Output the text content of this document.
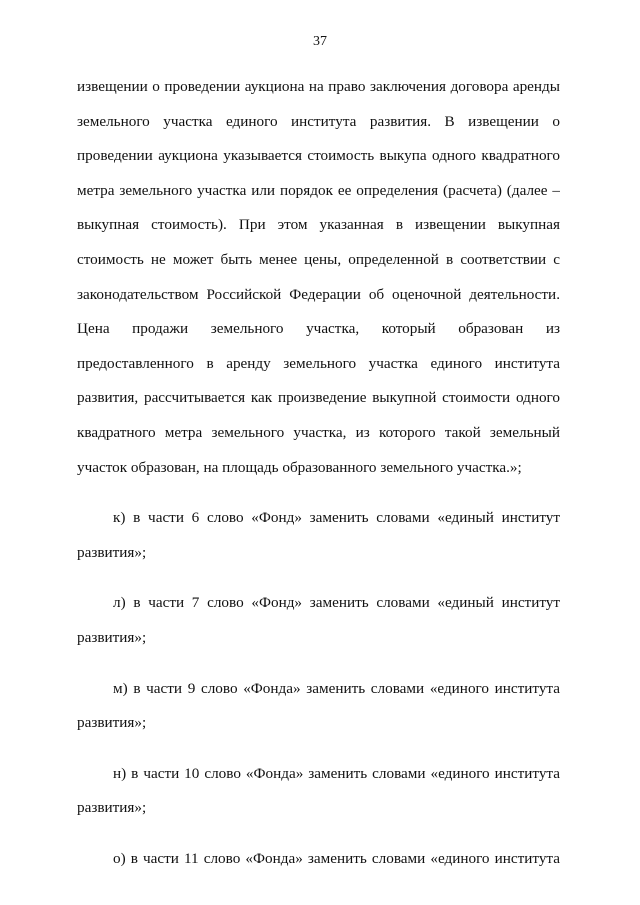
37
извещении о проведении аукциона на право заключения договора аренды
земельного участка единого института развития. В извещении о
проведении аукциона указывается стоимость выкупа одного квадратного
метра земельного участка или порядок ее определения (расчета) (далее –
выкупная стоимость). При этом указанная в извещении выкупная
стоимость не может быть менее цены, определенной в соответствии с
законодательством Российской Федерации об оценочной деятельности.
Цена продажи земельного участка, который образован из
предоставленного в аренду земельного участка единого института
развития, рассчитывается как произведение выкупной стоимости одного
квадратного метра земельного участка, из которого такой земельный
участок образован, на площадь образованного земельного участка.»;
к) в части 6 слово «Фонд» заменить словами «единый институт
развития»;
л) в части 7 слово «Фонд» заменить словами «единый институт
развития»;
м) в части 9 слово «Фонда» заменить словами «единого института
развития»;
н) в части 10 слово «Фонда» заменить словами «единого института
развития»;
о) в части 11 слово «Фонда» заменить словами «единого института
